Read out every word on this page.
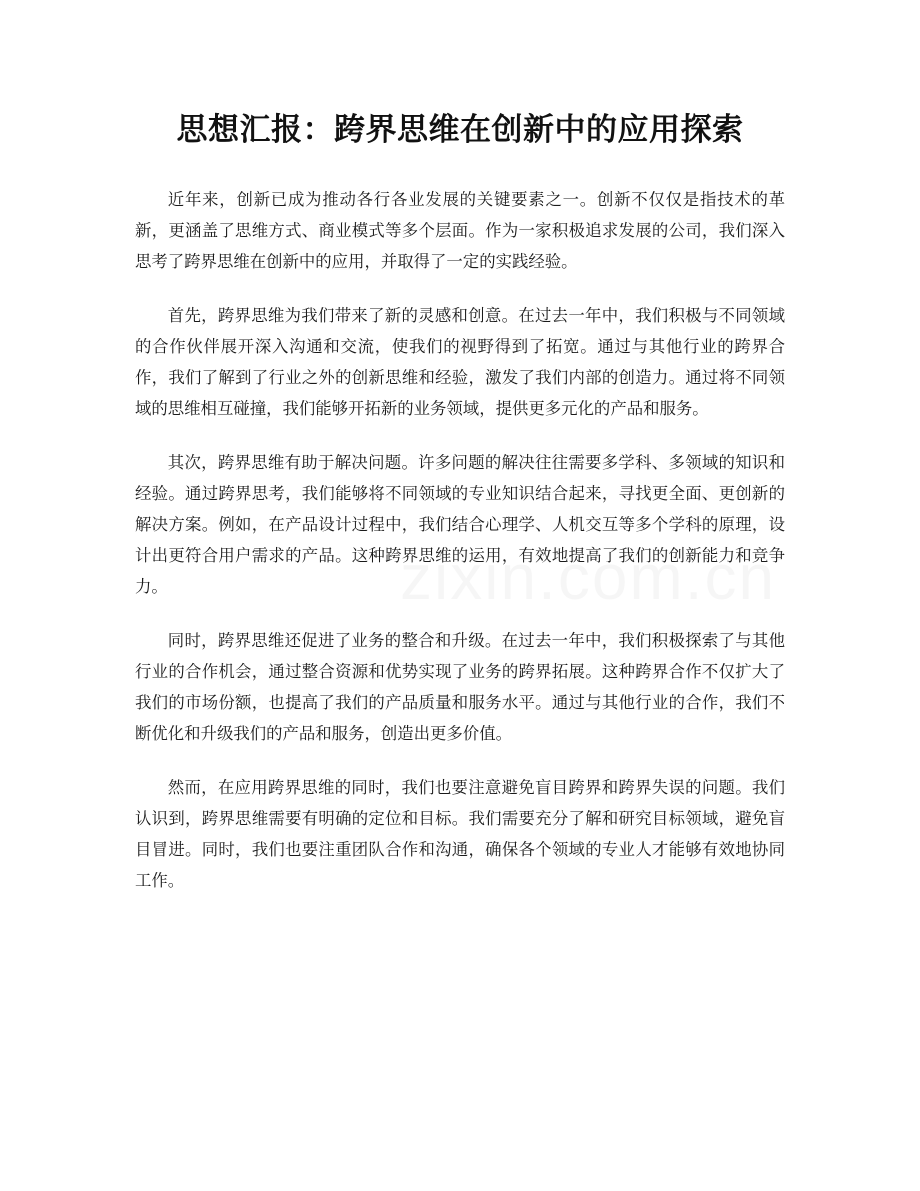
思想汇报：跨界思维在创新中的应用探索

近年来，创新已成为推动各行各业发展的关键要素之一。创新不仅仅是指技术的革新，更涵盖了思维方式、商业模式等多个层面。作为一家积极追求发展的公司，我们深入思考了跨界思维在创新中的应用，并取得了一定的实践经验。

首先，跨界思维为我们带来了新的灵感和创意。在过去一年中，我们积极与不同领域的合作伙伴展开深入沟通和交流，使我们的视野得到了拓宽。通过与其他行业的跨界合作，我们了解到了行业之外的创新思维和经验，激发了我们内部的创造力。通过将不同领域的思维相互碰撞，我们能够开拓新的业务领域，提供更多元化的产品和服务。

其次，跨界思维有助于解决问题。许多问题的解决往往需要多学科、多领域的知识和经验。通过跨界思考，我们能够将不同领域的专业知识结合起来，寻找更全面、更创新的解决方案。例如，在产品设计过程中，我们结合心理学、人机交互等多个学科的原理，设计出更符合用户需求的产品。这种跨界思维的运用，有效地提高了我们的创新能力和竞争力。

同时，跨界思维还促进了业务的整合和升级。在过去一年中，我们积极探索了与其他行业的合作机会，通过整合资源和优势实现了业务的跨界拓展。这种跨界合作不仅扩大了我们的市场份额，也提高了我们的产品质量和服务水平。通过与其他行业的合作，我们不断优化和升级我们的产品和服务，创造出更多价值。

然而，在应用跨界思维的同时，我们也要注意避免盲目跨界和跨界失误的问题。我们认识到，跨界思维需要有明确的定位和目标。我们需要充分了解和研究目标领域，避免盲目冒进。同时，我们也要注重团队合作和沟通，确保各个领域的专业人才能够有效地协同工作。
